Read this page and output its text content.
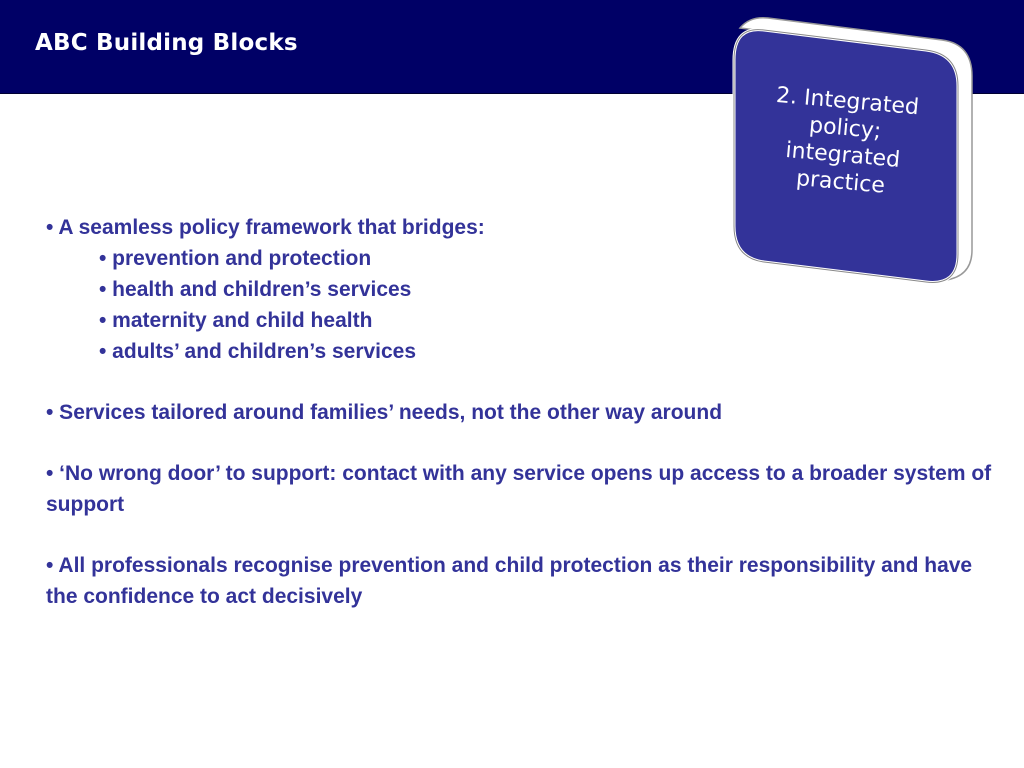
ABC Building Blocks
2. Integrated
policy;
integrated
practice
• A seamless policy framework that bridges:
• prevention and protection
• health and children’s services
• maternity and child health
• adults’ and children’s services
• Services tailored around families’ needs, not the other way around
• ‘No wrong door’ to support: contact with any service opens up access to a broader system of support
• All professionals recognise prevention and child protection as their responsibility and have the confidence to act decisively
